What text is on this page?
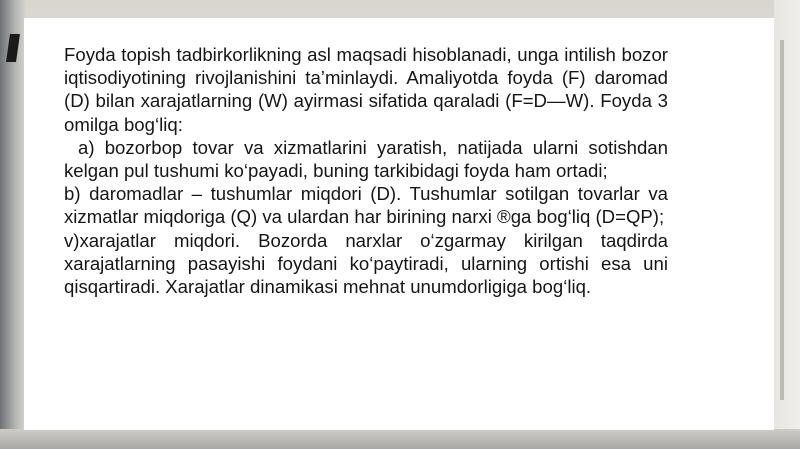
Foyda topish tadbirkorlikning asl maqsadi hisoblanadi, unga intilish bozor iqtisodiyotining rivojlanishini ta’minlaydi. Amaliyotda foyda (F) daromad (D) bilan xarajatlarning (W) ayirmasi sifatida qaraladi (F=D—W). Foyda 3 omilga bog‘liq:

a) bozorbop tovar va xizmatlarini yaratish, natijada ularni sotishdan kelgan pul tushumi ko‘payadi, buning tarkibidagi foyda ham ortadi;

b) daromadlar – tushumlar miqdori (D). Tushumlar sotilgan tovarlar va xizmatlar miqdoriga (Q) va ulardan har birining narxi ®ga bog‘liq (D=QP);

v)xarajatlar miqdori. Bozorda narxlar o‘zgarmay kirilgan taqdirda xarajatlarning pasayishi foydani ko‘paytiradi, ularning ortishi esa uni qisqartiradi. Xarajatlar dinamikasi mehnat unumdorligiga bog‘liq.
